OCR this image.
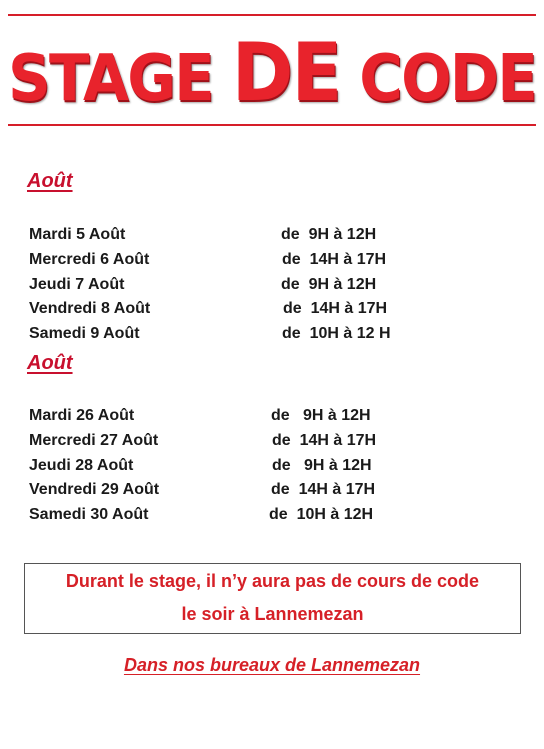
STAGE DE CODE
Août
Mardi 5 Août	de  9H à 12H
Mercredi 6 Août	de  14H à 17H
Jeudi 7 Août	de  9H à 12H
Vendredi 8 Août	de  14H à 17H
Samedi 9 Août	de  10H à 12 H
Août
Mardi 26 Août	de   9H à 12H
Mercredi 27 Août	de  14H à 17H
Jeudi 28 Août	de   9H à 12H
Vendredi 29 Août	de  14H à 17H
Samedi 30 Août	de  10H à 12H
Durant le stage, il n’y aura pas de cours de code
le soir à Lannemezan
Dans nos bureaux de Lannemezan
